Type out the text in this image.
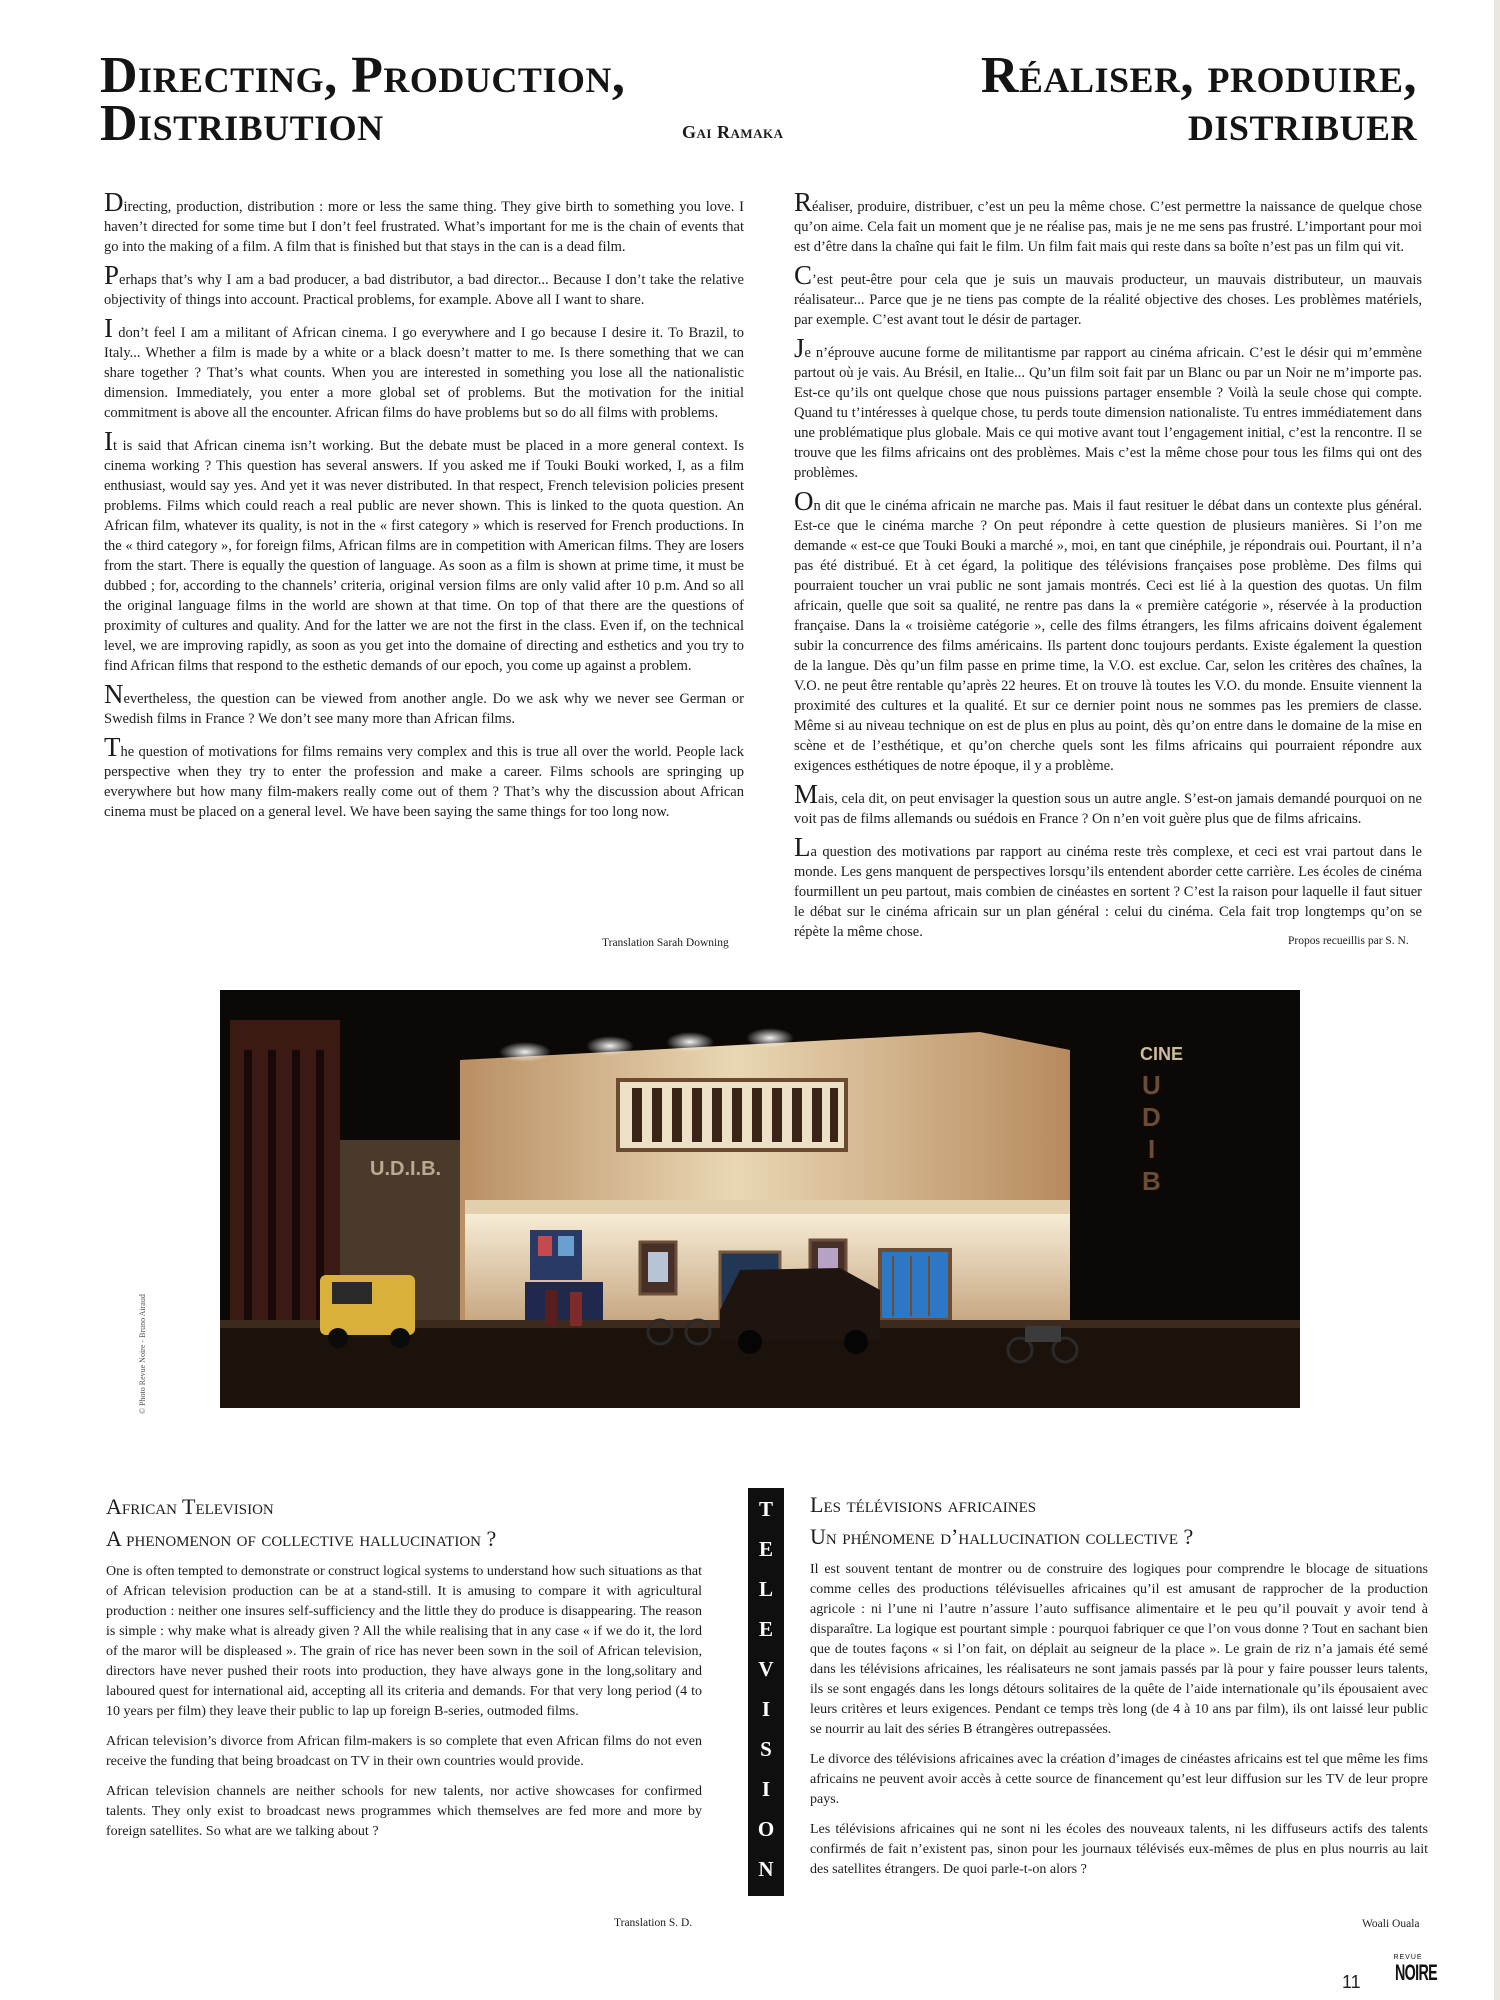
Directing, Production,
Distribution	Gai Ramaka
Réaliser, produire,
distribuer

Directing, production, distribution : more or less the same thing. They give birth to something you love. I haven’t directed for some time but I don’t feel frustrated. What’s important for me is the chain of events that go into the making of a film. A film that is finished but that stays in the can is a dead film.

Perhaps that’s why I am a bad producer, a bad distributor, a bad director... Because I don’t take the relative objectivity of things into account. Practical problems, for example. Above all I want to share.

I don’t feel I am a militant of African cinema. I go everywhere and I go because I desire it. To Brazil, to Italy... Whether a film is made by a white or a black doesn’t matter to me. Is there something that we can share together ? That’s what counts. When you are interested in something you lose all the nationalistic dimension. Immediately, you enter a more global set of problems. But the motivation for the initial commitment is above all the encounter. African films do have problems but so do all films with problems.

It is said that African cinema isn’t working. But the debate must be placed in a more general context. Is cinema working ? This question has several answers. If you asked me if Touki Bouki worked, I, as a film enthusiast, would say yes. And yet it was never distributed. In that respect, French television policies present problems. Films which could reach a real public are never shown. This is linked to the quota question. An African film, whatever its quality, is not in the « first category » which is reserved for French productions. In the « third category », for foreign films, African films are in competition with American films. They are losers from the start. There is equally the question of language. As soon as a film is shown at prime time, it must be dubbed ; for, according to the channels’ criteria, original version films are only valid after 10 p.m. And so all the original language films in the world are shown at that time. On top of that there are the questions of proximity of cultures and quality. And for the latter we are not the first in the class. Even if, on the technical level, we are improving rapidly, as soon as you get into the domaine of directing and esthetics and you try to find African films that respond to the esthetic demands of our epoch, you come up against a problem.

Nevertheless, the question can be viewed from another angle. Do we ask why we never see German or Swedish films in France ? We don’t see many more than African films.

The question of motivations for films remains very complex and this is true all over the world. People lack perspective when they try to enter the profession and make a career. Films schools are springing up everywhere but how many film-makers really come out of them ? That’s why the discussion about African cinema must be placed on a general level. We have been saying the same things for too long now.

Translation Sarah Downing

Réaliser, produire, distribuer, c’est un peu la même chose. C’est permettre la naissance de quelque chose qu’on aime. Cela fait un moment que je ne réalise pas, mais je ne me sens pas frustré. L’important pour moi est d’être dans la chaîne qui fait le film. Un film fait mais qui reste dans sa boîte n’est pas un film qui vit.

C’est peut-être pour cela que je suis un mauvais producteur, un mauvais distributeur, un mauvais réalisateur... Parce que je ne tiens pas compte de la réalité objective des choses. Les problèmes matériels, par exemple. C’est avant tout le désir de partager.

Je n’éprouve aucune forme de militantisme par rapport au cinéma africain. C’est le désir qui m’emmène partout où je vais. Au Brésil, en Italie... Qu’un film soit fait par un Blanc ou par un Noir ne m’importe pas. Est-ce qu’ils ont quelque chose que nous puissions partager ensemble ? Voilà la seule chose qui compte. Quand tu t’intéresses à quelque chose, tu perds toute dimension nationaliste. Tu entres immédiatement dans une problématique plus globale. Mais ce qui motive avant tout l’engagement initial, c’est la rencontre. Il se trouve que les films africains ont des problèmes. Mais c’est la même chose pour tous les films qui ont des problèmes.

On dit que le cinéma africain ne marche pas. Mais il faut resituer le débat dans un contexte plus général. Est-ce que le cinéma marche ? On peut répondre à cette question de plusieurs manières. Si l’on me demande « est-ce que Touki Bouki a marché », moi, en tant que cinéphile, je répondrais oui. Pourtant, il n’a pas été distribué. Et à cet égard, la politique des télévisions françaises pose problème. Des films qui pourraient toucher un vrai public ne sont jamais montrés. Ceci est lié à la question des quotas. Un film africain, quelle que soit sa qualité, ne rentre pas dans la « première catégorie », réservée à la production française. Dans la « troisième catégorie », celle des films étrangers, les films africains doivent également subir la concurrence des films américains. Ils partent donc toujours perdants. Existe également la question de la langue. Dès qu’un film passe en prime time, la V.O. est exclue. Car, selon les critères des chaînes, la V.O. ne peut être rentable qu’après 22 heures. Et on trouve là toutes les V.O. du monde. Ensuite viennent la proximité des cultures et la qualité. Et sur ce dernier point nous ne sommes pas les premiers de classe. Même si au niveau technique on est de plus en plus au point, dès qu’on entre dans le domaine de la mise en scène et de l’esthétique, et qu’on cherche quels sont les films africains qui pourraient répondre aux exigences esthétiques de notre époque, il y a problème.

Mais, cela dit, on peut envisager la question sous un autre angle. S’est-on jamais demandé pourquoi on ne voit pas de films allemands ou suédois en France ? On n’en voit guère plus que de films africains.

La question des motivations par rapport au cinéma reste très complexe, et ceci est vrai partout dans le monde. Les gens manquent de perspectives lorsqu’ils entendent aborder cette carrière. Les écoles de cinéma fourmillent un peu partout, mais combien de cinéastes en sortent ? C’est la raison pour laquelle il faut situer le débat sur le cinéma africain sur un plan général : celui du cinéma. Cela fait trop longtemps qu’on se répète la même chose.

Propos recueillis par S. N.
U.D.I.B.
CINE
U
D
I
B
© Photo Revue Noire - Bruno Airaud
African Television
A phenomenon of collective hallucination ?

One is often tempted to demonstrate or construct logical systems to understand how such situations as that of African television production can be at a stand-still. It is amusing to compare it with agricultural production : neither one insures self-sufficiency and the little they do produce is disappearing. The reason is simple : why make what is already given ? All the while realising that in any case « if we do it, the lord of the maror will be displeased ». The grain of rice has never been sown in the soil of African television, directors have never pushed their roots into production, they have always gone in the long,solitary and laboured quest for international aid, accepting all its criteria and demands. For that very long period (4 to 10 years per film) they leave their public to lap up foreign B-series, outmoded films.

African television’s divorce from African film-makers is so complete that even African films do not even receive the funding that being broadcast on TV in their own countries would provide.

African television channels are neither schools for new talents, nor active showcases for confirmed talents. They only exist to broadcast news programmes which themselves are fed more and more by foreign satellites. So what are we talking about ?

Translation S. D.
T
E
L
E
V
I
S
I
O
N
Les télévisions africaines
Un phénomene d’hallucination collective ?

Il est souvent tentant de montrer ou de construire des logiques pour comprendre le blocage de situations comme celles des productions télévisuelles africaines qu’il est amusant de rapprocher de la production agricole : ni l’une ni l’autre n’assure l’auto suffisance alimentaire et le peu qu’il pouvait y avoir tend à disparaître. La logique est pourtant simple : pourquoi fabriquer ce que l’on vous donne ? Tout en sachant bien que de toutes façons « si l’on fait, on déplait au seigneur de la place ». Le grain de riz n’a jamais été semé dans les télévisions africaines, les réalisateurs ne sont jamais passés par là pour y faire pousser leurs talents, ils se sont engagés dans les longs détours solitaires de la quête de l’aide internationale qu’ils épousaient avec leurs critères et leurs exigences. Pendant ce temps très long (de 4 à 10 ans par film), ils ont laissé leur public se nourrir au lait des séries B étrangères outrepassées.

Le divorce des télévisions africaines avec la création d’images de cinéastes africains est tel que même les fims africains ne peuvent avoir accès à cette source de financement qu’est leur diffusion sur les TV de leur propre pays.

Les télévisions africaines qui ne sont ni les écoles des nouveaux talents, ni les diffuseurs actifs des talents confirmés de fait n’existent pas, sinon pour les journaux télévisés eux-mêmes de plus en plus nourris au lait des satellites étrangers. De quoi parle-t-on alors ?

Woali Ouala
11
REVUE
NOIRE
